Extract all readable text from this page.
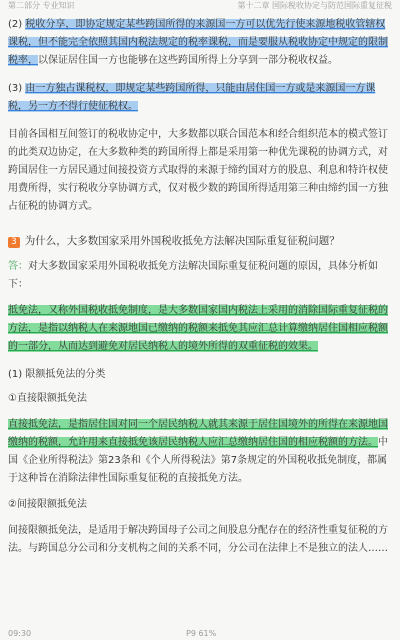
第二部分 专业知识	第十二章 国际税收协定与防范国际重复征税

(2) 税收分享，即协定规定某些跨国所得的来源国一方可以优先行使来源地税收管辖权课税，但不能完全依照其国内税法规定的税率课税，而是要服从税收协定中规定的限制税率，以保证居住国一方也能够在这些跨国所得上分享到一部分税收权益。

(3) 由一方独占课税权，即规定某些跨国所得，只能由居住国一方或是来源国一方课税，另一方不得行使征税权。

目前各国相互间签订的税收协定中，大多数都以联合国范本和经合组织范本的模式签订的此类双边协定，在大多数种类的跨国所得上都是采用第一种优先课税的协调方式，对跨国居住一方居民通过间接投资方式取得的来源于缔约国对方的股息、利息和特许权使用费所得，实行税收分享协调方式，仅对极少数的跨国所得适用第三种由缔约国一方独占征税的协调方式。

3 为什么，大多数国家采用外国税收抵免方法解决国际重复征税问题？

答：对大多数国家采用外国税收抵免方法解决国际重复征税问题的原因，具体分析如下：

抵免法，又称外国税收抵免制度，是大多数国家国内税法上采用的消除国际重复征税的方法，是指以纳税人在来源地国已缴纳的税额来抵免其应汇总计算缴纳居住国相应税额的一部分，从而达到避免对居民纳税人的境外所得的双重征税的效果。

(1) 限额抵免法的分类

①直接限额抵免法

直接抵免法，是指居住国对同一个居民纳税人就其来源于居住国境外的所得在来源地国缴纳的税额，允许用来直接抵免该居民纳税人应汇总缴纳居住国的相应税额的方法。中国《企业所得税法》第23条和《个人所得税法》第7条规定的外国税收抵免制度，都属于这种旨在消除法律性国际重复征税的直接抵免方法。

②间接限额抵免法

间接限额抵免法，是适用于解决跨国母子公司之间股息分配存在的经济性重复征税的方法。与跨国总分公司和分支机构之间的关系不同，分公司在法律上不是独立的法人……

09:30	P9 61%
